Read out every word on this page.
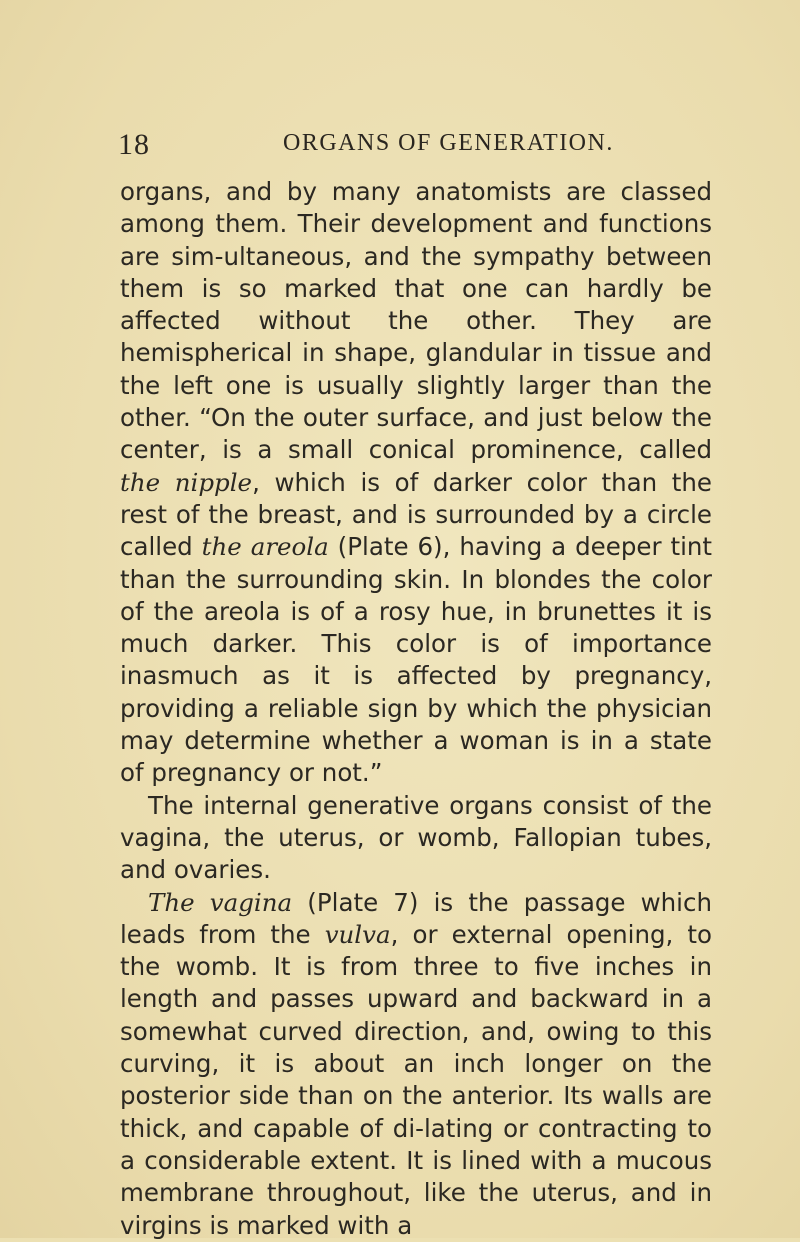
18	ORGANS OF GENERATION.

organs, and by many anatomists are classed among them. Their development and functions are sim-ultaneous, and the sympathy between them is so marked that one can hardly be affected without the other. They are hemispherical in shape, glandular in tissue and the left one is usually slightly larger than the other. “On the outer surface, and just below the center, is a small conical prominence, called the nipple, which is of darker color than the rest of the breast, and is surrounded by a circle called the areola (Plate 6), having a deeper tint than the surrounding skin. In blondes the color of the areola is of a rosy hue, in brunettes it is much darker. This color is of importance inasmuch as it is affected by pregnancy, providing a reliable sign by which the physician may determine whether a woman is in a state of pregnancy or not.”

The internal generative organs consist of the vagina, the uterus, or womb, Fallopian tubes, and ovaries.

The vagina (Plate 7) is the passage which leads from the vulva, or external opening, to the womb. It is from three to five inches in length and passes upward and backward in a somewhat curved direction, and, owing to this curving, it is about an inch longer on the posterior side than on the anterior. Its walls are thick, and capable of di-lating or contracting to a considerable extent. It is lined with a mucous membrane throughout, like the uterus, and in virgins is marked with a
